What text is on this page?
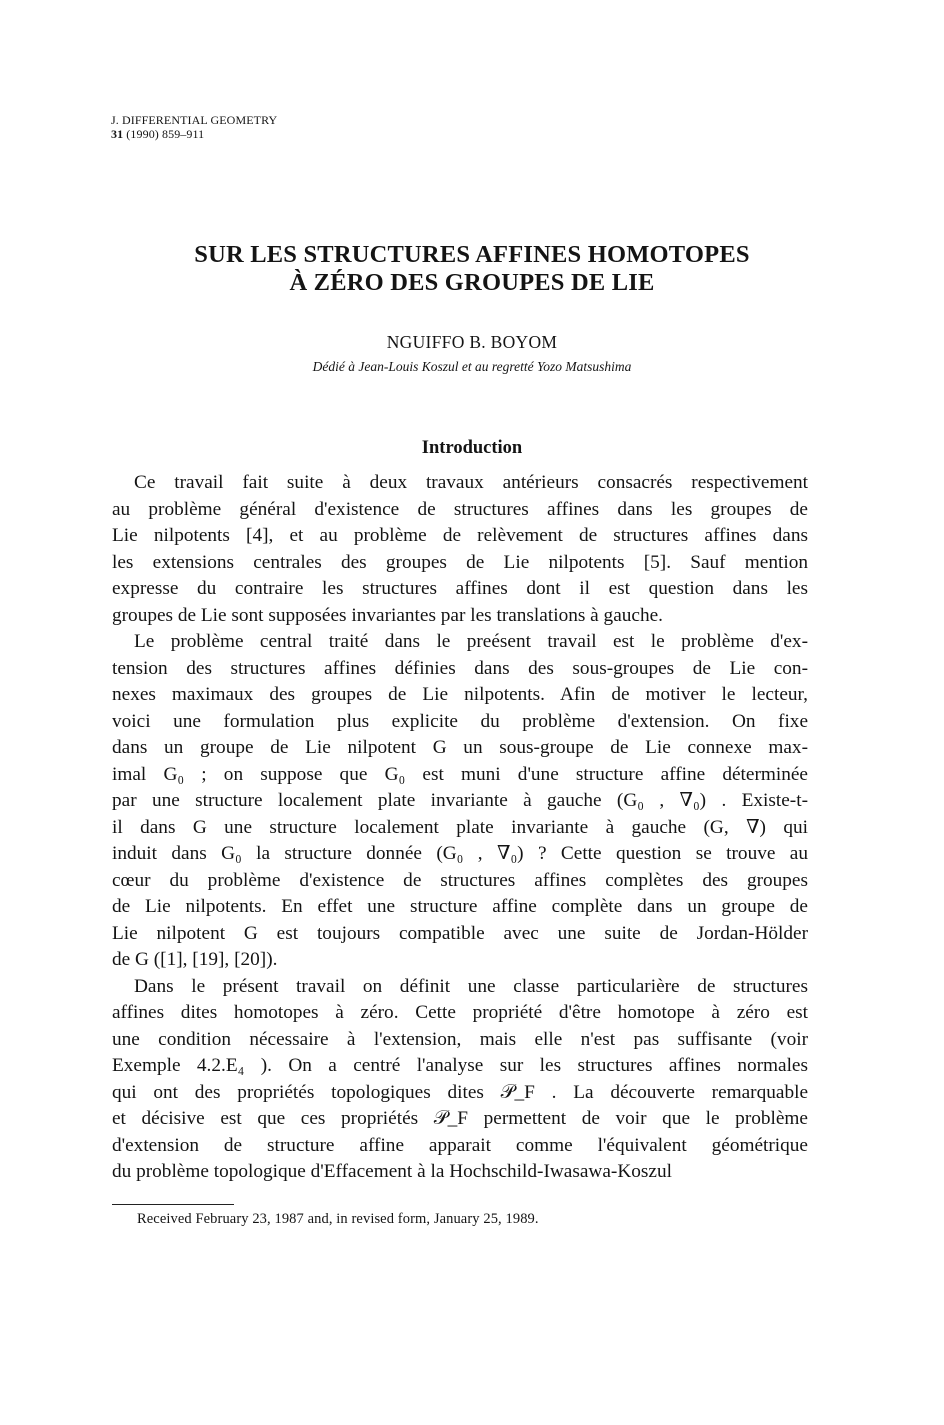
J. DIFFERENTIAL GEOMETRY
31 (1990) 859–911
SUR LES STRUCTURES AFFINES HOMOTOPES
À ZÉRO DES GROUPES DE LIE
NGUIFFO B. BOYOM
Dédié à Jean-Louis Koszul et au regretté Yozo Matsushima
Introduction
Ce travail fait suite à deux travaux antérieurs consacrés respectivement
au problème général d'existence de structures affines dans les groupes de
Lie nilpotents [4], et au problème de relèvement de structures affines dans
les extensions centrales des groupes de Lie nilpotents [5]. Sauf mention
expresse du contraire les structures affines dont il est question dans les
groupes de Lie sont supposées invariantes par les translations à gauche.
Le problème central traité dans le preésent travail est le problème d'ex-
tension des structures affines définies dans des sous-groupes de Lie con-
nexes maximaux des groupes de Lie nilpotents. Afin de motiver le lecteur,
voici une formulation plus explicite du problème d'extension. On fixe
dans un groupe de Lie nilpotent G un sous-groupe de Lie connexe max-
imal G₀ ; on suppose que G₀ est muni d'une structure affine déterminée
par une structure localement plate invariante à gauche (G₀ , ∇₀) . Existe-t-
il dans G une structure localement plate invariante à gauche (G, ∇) qui
induit dans G₀ la structure donnée (G₀ , ∇₀) ? Cette question se trouve au
cœur du problème d'existence de structures affines complètes des groupes
de Lie nilpotents. En effet une structure affine complète dans un groupe de
Lie nilpotent G est toujours compatible avec une suite de Jordan-Hölder
de G ([1], [19], [20]).
Dans le présent travail on définit une classe particularière de structures
affines dites homotopes à zéro. Cette propriété d'être homotope à zéro est
une condition nécessaire à l'extension, mais elle n'est pas suffisante (voir
Exemple 4.2.E₄ ). On a centré l'analyse sur les structures affines normales
qui ont des propriétés topologiques dites 𝒫_F . La découverte remarquable
et décisive est que ces propriétés 𝒫_F permettent de voir que le problème
d'extension de structure affine apparait comme l'équivalent géométrique
du problème topologique d'Effacement à la Hochschild-Iwasawa-Koszul
Received February 23, 1987 and, in revised form, January 25, 1989.
